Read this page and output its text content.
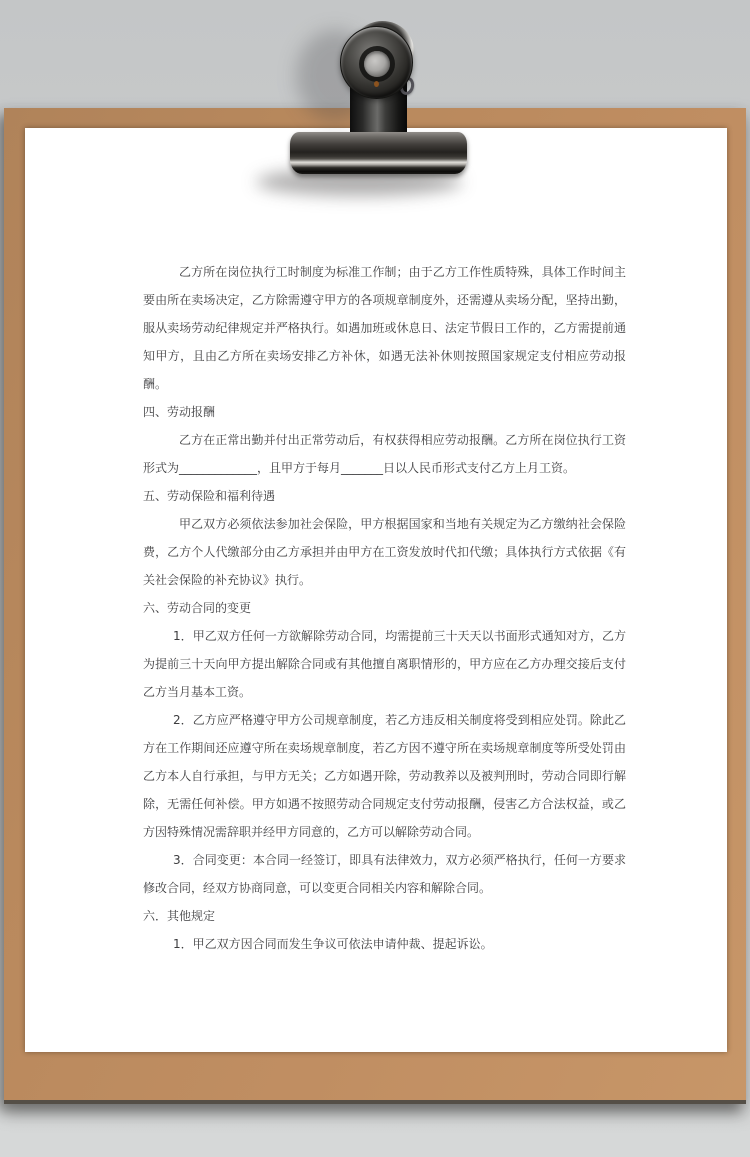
乙方所在岗位执行工时制度为标准工作制；由于乙方工作性质特殊，具体工作时间主要由所在卖场决定，乙方除需遵守甲方的各项规章制度外，还需遵从卖场分配，坚持出勤，服从卖场劳动纪律规定并严格执行。如遇加班或休息日、法定节假日工作的，乙方需提前通知甲方，且由乙方所在卖场安排乙方补休，如遇无法补休则按照国家规定支付相应劳动报酬。

四、劳动报酬

乙方在正常出勤并付出正常劳动后，有权获得相应劳动报酬。乙方所在岗位执行工资形式为_____________，且甲方于每月_______日以人民币形式支付乙方上月工资。

五、劳动保险和福利待遇

甲乙双方必须依法参加社会保险，甲方根据国家和当地有关规定为乙方缴纳社会保险费，乙方个人代缴部分由乙方承担并由甲方在工资发放时代扣代缴；具体执行方式依据《有关社会保险的补充协议》执行。

六、劳动合同的变更

1．甲乙双方任何一方欲解除劳动合同，均需提前三十天天以书面形式通知对方，乙方为提前三十天向甲方提出解除合同或有其他擅自离职情形的，甲方应在乙方办理交接后支付乙方当月基本工资。

2．乙方应严格遵守甲方公司规章制度，若乙方违反相关制度将受到相应处罚。除此乙方在工作期间还应遵守所在卖场规章制度，若乙方因不遵守所在卖场规章制度等所受处罚由乙方本人自行承担，与甲方无关；乙方如遇开除，劳动教养以及被判刑时，劳动合同即行解除，无需任何补偿。甲方如遇不按照劳动合同规定支付劳动报酬，侵害乙方合法权益，或乙方因特殊情况需辞职并经甲方同意的，乙方可以解除劳动合同。

3．合同变更：本合同一经签订，即具有法律效力，双方必须严格执行，任何一方要求修改合同，经双方协商同意，可以变更合同相关内容和解除合同。

六．其他规定

1．甲乙双方因合同而发生争议可依法申请仲裁、提起诉讼。
